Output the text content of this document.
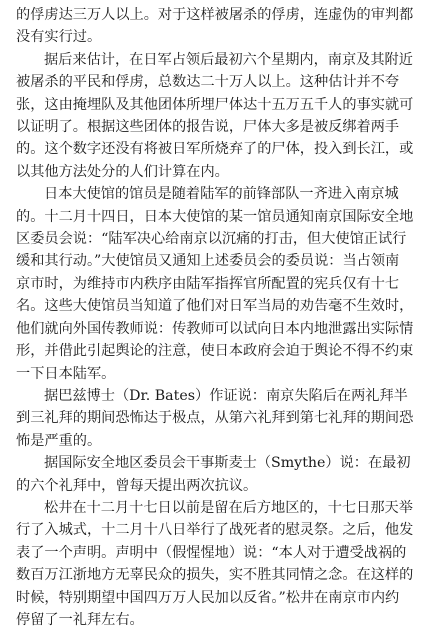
的俘虏达三万人以上。对于这样被屠杀的俘虏，连虚伪的审判都
没有实行过。
据后来估计，在日军占领后最初六个星期内，南京及其附近
被屠杀的平民和俘虏，总数达二十万人以上。这种估计并不夸
张，这由掩埋队及其他团体所埋尸体达十五万五千人的事实就可
以证明了。根据这些团体的报告说，尸体大多是被反绑着两手
的。这个数字还没有将被日军所烧弃了的尸体，投入到长江，或
以其他方法处分的人们计算在内。
日本大使馆的馆员是随着陆军的前锋部队一齐进入南京城
的。十二月十四日，日本大使馆的某一馆员通知南京国际安全地
区委员会说：“陆军决心给南京以沉痛的打击，但大使馆正试行
缓和其行动。”大使馆员又通知上述委员会的委员说：当占领南
京市时，为维持市内秩序由陆军指挥官所配置的宪兵仅有十七
名。这些大使馆员当知道了他们对日军当局的劝告毫不生效时，
他们就向外国传教师说：传教师可以试向日本内地泄露出实际情
形，并借此引起舆论的注意，使日本政府会迫于舆论不得不约束
一下日本陆军。
据巴兹博士（Dr. Bates）作证说：南京失陷后在两礼拜半
到三礼拜的期间恐怖达于极点，从第六礼拜到第七礼拜的期间恐
怖是严重的。
据国际安全地区委员会干事斯麦士（Smythe）说：在最初
的六个礼拜中，曾每天提出两次抗议。
松井在十二月十七日以前是留在后方地区的，十七日那天举
行了入城式，十二月十八日举行了战死者的慰灵祭。之后，他发
表了一个声明。声明中（假惺惺地）说：“本人对于遭受战祸的
数百万江浙地方无辜民众的损失，实不胜其同情之念。在这样的
时候，特别期望中国四万万人民加以反省。”松井在南京市内约
停留了一礼拜左右。
